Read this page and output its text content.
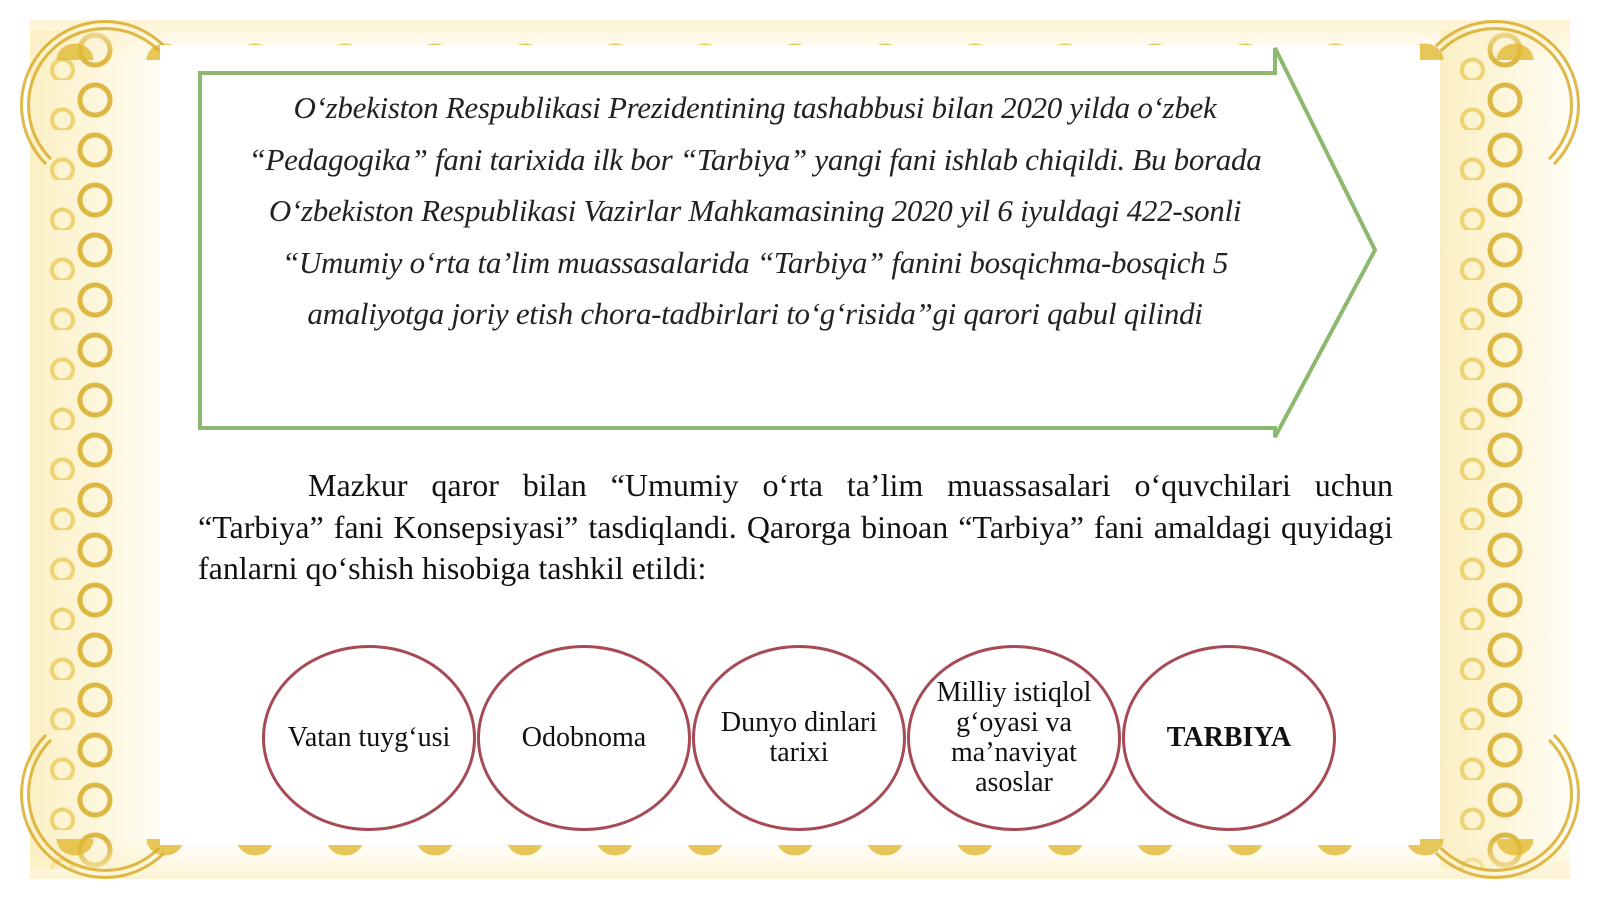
O‘zbekiston Respublikasi Prezidentining tashabbusi bilan 2020 yilda o‘zbek “Pedagogika” fani tarixida ilk bor “Tarbiya” yangi fani ishlab chiqildi. Bu borada O‘zbekiston Respublikasi Vazirlar Mahkamasining 2020 yil 6 iyuldagi 422-sonli “Umumiy o‘rta ta’lim muassasalarida “Tarbiya” fanini bosqichma-bosqich 5 amaliyotga joriy etish chora-tadbirlari to‘g‘risida”gi qarori qabul qilindi
Mazkur qaror bilan “Umumiy o‘rta ta’lim muassasalari o‘quvchilari uchun “Tarbiya” fani Konsepsiyasi” tasdiqlandi. Qarorga binoan “Tarbiya” fani amaldagi quyidagi fanlarni qo‘shish hisobiga tashkil etildi:
Vatan tuyg‘usi	Odobnoma	Dunyo dinlari tarixi
Milliy istiqlol g‘oyasi va ma’naviyat asoslar
TARBIYA
